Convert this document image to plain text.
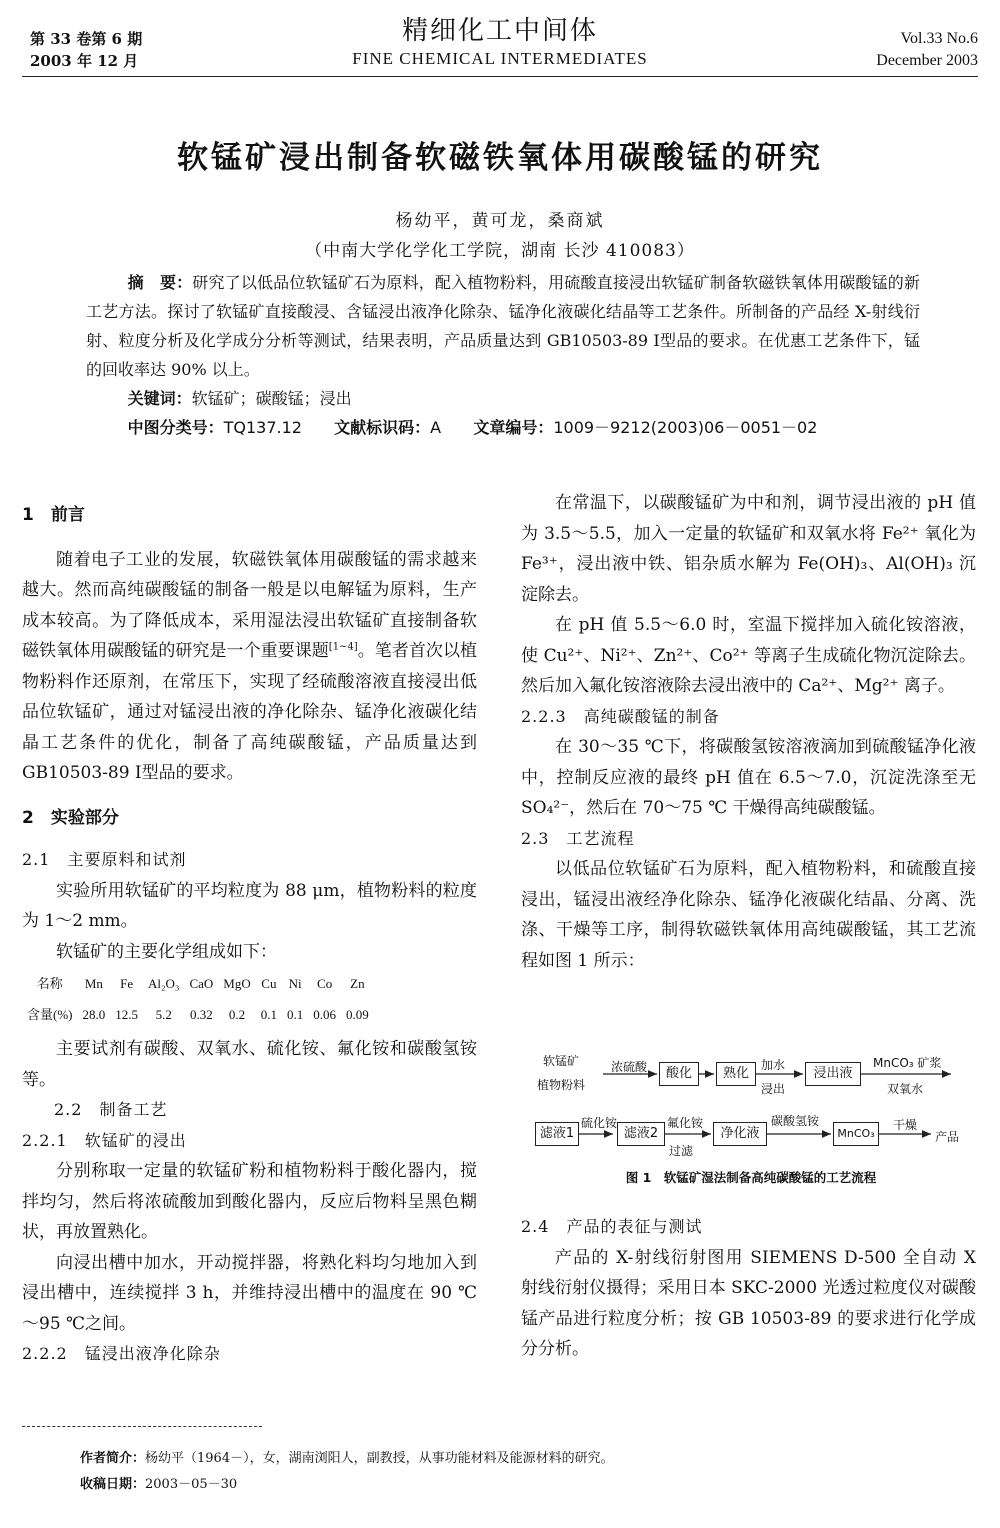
第 33 卷第 6 期
2003 年 12 月
精细化工中间体
FINE CHEMICAL INTERMEDIATES
Vol.33 No.6
December 2003
软锰矿浸出制备软磁铁氧体用碳酸锰的研究
杨幼平，黄可龙，桑商斌
（中南大学化学化工学院，湖南 长沙 410083）
摘　要：研究了以低品位软锰矿石为原料，配入植物粉料，用硫酸直接浸出软锰矿制备软磁铁氧体用碳酸锰的新工艺方法。探讨了软锰矿直接酸浸、含锰浸出液净化除杂、锰净化液碳化结晶等工艺条件。所制备的产品经 X-射线衍射、粒度分析及化学成分分析等测试，结果表明，产品质量达到 GB10503-89 Ⅰ型品的要求。在优惠工艺条件下，锰的回收率达 90% 以上。
关键词：软锰矿；碳酸锰；浸出
中图分类号：TQ137.12 文献标识码：A 文章编号：1009－9212(2003)06－0051－02
1　前言

随着电子工业的发展，软磁铁氧体用碳酸锰的需求越来越大。然而高纯碳酸锰的制备一般是以电解锰为原料，生产成本较高。为了降低成本，采用湿法浸出软锰矿直接制备软磁铁氧体用碳酸锰的研究是一个重要课题[1~4]。笔者首次以植物粉料作还原剂，在常压下，实现了经硫酸溶液直接浸出低品位软锰矿，通过对锰浸出液的净化除杂、锰净化液碳化结晶工艺条件的优化，制备了高纯碳酸锰，产品质量达到 GB10503-89 Ⅰ型品的要求。

2　实验部分
2.1　主要原料和试剂

实验所用软锰矿的平均粒度为 88 μm，植物粉料的粒度为 1～2 mm。

软锰矿的主要化学组成如下：

名称	Mn	Fe	Al₂O₃	CaO	MgO	Cu	Ni	Co	Zn
含量(%)	28.0	12.5	5.2	0.32	0.2	0.1	0.1	0.06	0.09

主要试剂有碳酸、双氧水、硫化铵、氟化铵和碳酸氢铵等。

2.2　制备工艺
2.2.1　软锰矿的浸出

分别称取一定量的软锰矿粉和植物粉料于酸化器内，搅拌均匀，然后将浓硫酸加到酸化器内，反应后物料呈黑色糊状，再放置熟化。

向浸出槽中加水，开动搅拌器，将熟化料均匀地加入到浸出槽中，连续搅拌 3 h，并维持浸出槽中的温度在 90 ℃～95 ℃之间。

2.2.2　锰浸出液净化除杂

在常温下，以碳酸锰矿为中和剂，调节浸出液的 pH 值为 3.5～5.5，加入一定量的软锰矿和双氧水将 Fe²⁺ 氧化为 Fe³⁺，浸出液中铁、铝杂质水解为 Fe(OH)₃、Al(OH)₃ 沉淀除去。

在 pH 值 5.5～6.0 时，室温下搅拌加入硫化铵溶液，使 Cu²⁺、Ni²⁺、Zn²⁺、Co²⁺ 等离子生成硫化物沉淀除去。然后加入氟化铵溶液除去浸出液中的 Ca²⁺、Mg²⁺ 离子。

2.2.3　高纯碳酸锰的制备

在 30～35 ℃下，将碳酸氢铵溶液滴加到硫酸锰净化液中，控制反应液的最终 pH 值在 6.5～7.0，沉淀洗涤至无 SO₄²⁻，然后在 70～75 ℃ 干燥得高纯碳酸锰。

2.3　工艺流程

以低品位软锰矿石为原料，配入植物粉料，和硫酸直接浸出，锰浸出液经净化除杂、锰净化液碳化结晶、分离、洗涤、干燥等工序，制得软磁铁氧体用高纯碳酸锰，其工艺流程如图 1 所示：

软锰矿
植物粉料
浓硫酸	酸化	熟化
加水
浸出
浸出液
MnCO₃ 矿浆
双氧水
滤液1
硫化铵
滤液2
氟化铵
过滤
净化液
碳酸氢铵
MnCO₃
干燥
产品
图 1　软锰矿湿法制备高纯碳酸锰的工艺流程
2.4　产品的表征与测试

产品的 X-射线衍射图用 SIEMENS D-500 全自动 X 射线衍射仪摄得；采用日本 SKC-2000 光透过粒度仪对碳酸锰产品进行粒度分析；按 GB 10503-89 的要求进行化学成分分析。

作者简介：杨幼平（1964－），女，湖南浏阳人，副教授，从事功能材料及能源材料的研究。
收稿日期：2003－05－30
